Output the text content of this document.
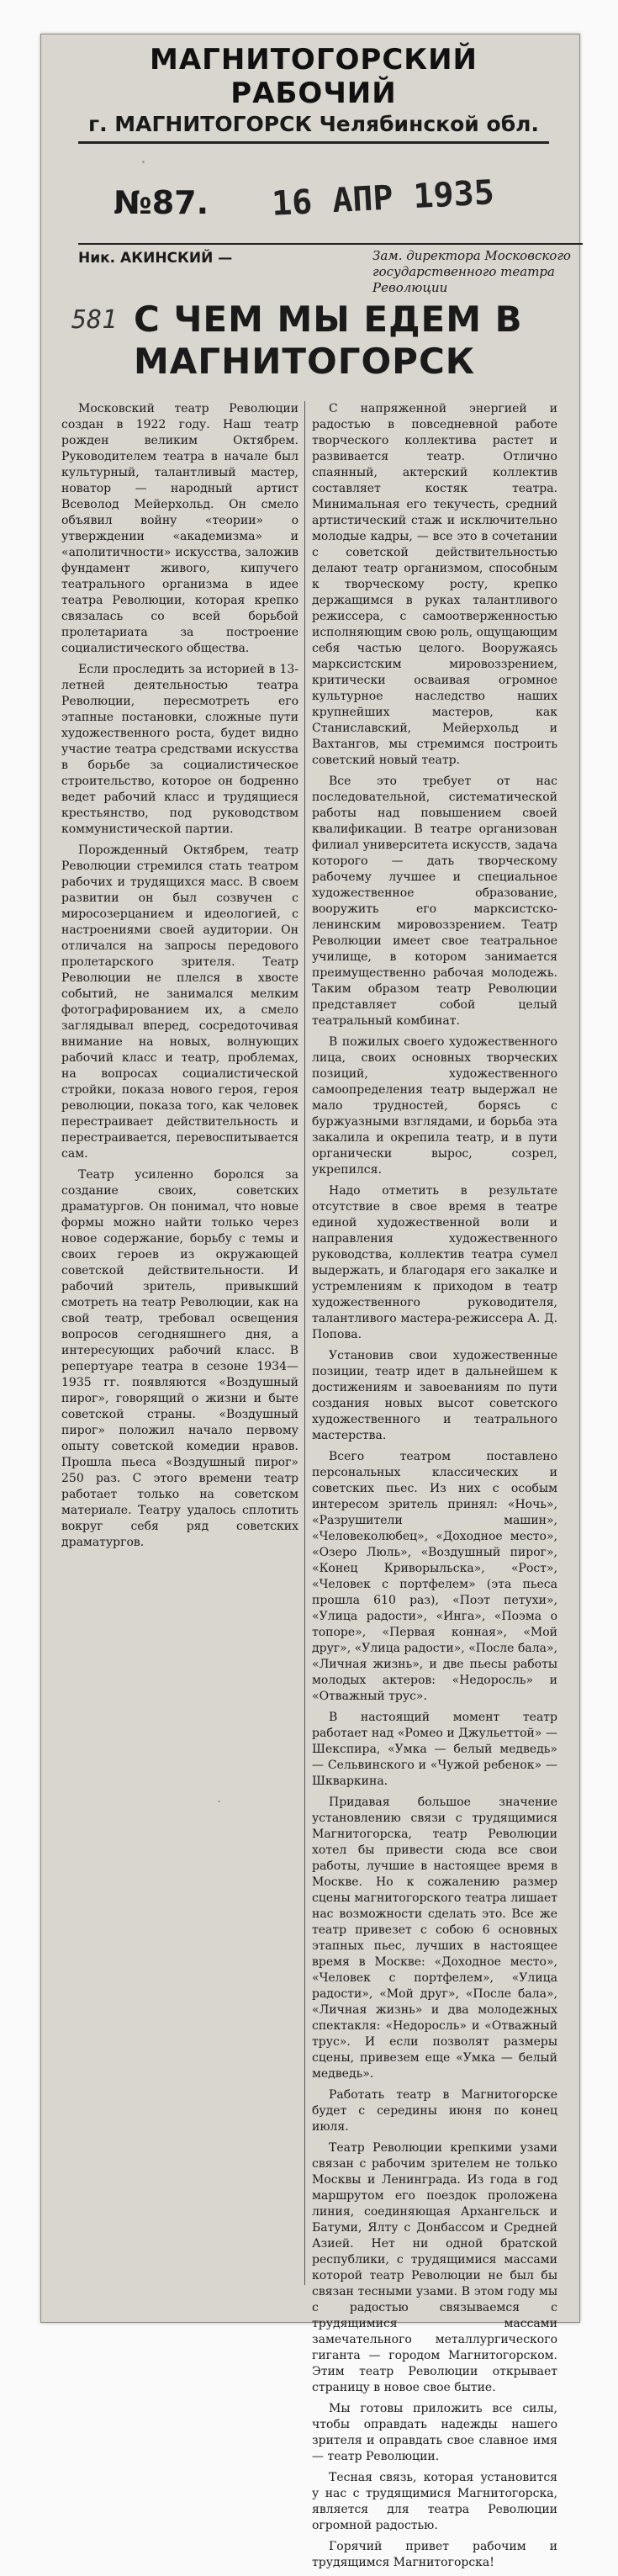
МАГНИТОГОРСКИЙ РАБОЧИЙ
г. МАГНИТОГОРСК Челябинской обл.
№87. 16 АПР 1935
Ник. АКИНСКИЙ —	Зам. директора Московского государственного театра Революции
581 С ЧЕМ МЫ ЕДЕМ В МАГНИТОГОРСК

Московский театр Революции создан в 1922 году. Наш театр рожден великим Октябрем. Руководителем театра в начале был культурный, талантливый мастер, новатор — народный артист Всеволод Мейерхольд. Он смело объявил войну «теории» о утверждении «академизма» и «аполитичности» искусства, заложив фундамент живого, кипучего театрального организма в идее театра Революции, которая крепко связалась со всей борьбой пролетариата за построение социалистического общества.

Если проследить за историей в 13-летней деятельностью театра Революции, пересмотреть его этапные постановки, сложные пути художественного роста, будет видно участие театра средствами искусства в борьбе за социалистическое строительство, которое он бодренно ведет рабочий класс и трудящиеся крестьянство, под руководством коммунистической партии.

Порожденный Октябрем, театр Революции стремился стать театром рабочих и трудящихся масс. В своем развитии он был созвучен с миросозерцанием и идеологией, с настроениями своей аудитории. Он отличался на запросы передового пролетарского зрителя. Театр Революции не плелся в хвосте событий, не занимался мелким фотографированием их, а смело заглядывал вперед, сосредоточивая внимание на новых, волнующих рабочий класс и театр, проблемах, на вопросах социалистической стройки, показа нового героя, героя революции, показа того, как человек перестраивает действительность и перестраивается, перевоспитывается сам.

Театр усиленно боролся за создание своих, советских драматургов. Он понимал, что новые формы можно найти только через новое содержание, борьбу с темы и своих героев из окружающей советской действительности. И рабочий зритель, привыкший смотреть на театр Революции, как на свой театр, требовал освещения вопросов сегодняшнего дня, а интересующих рабочий класс. В репертуаре театра в сезоне 1934—1935 гг. появляются «Воздушный пирог», говорящий о жизни и быте советской страны. «Воздушный пирог» положил начало первому опыту советской комедии нравов. Прошла пьеса «Воздушный пирог» 250 раз. С этого времени театр работает только на советском материале. Театру удалось сплотить вокруг себя ряд советских драматургов.

С напряженной энергией и радостью в повседневной работе творческого коллектива растет и развивается театр. Отлично спаянный, актерский коллектив составляет костяк театра. Минимальная его текучесть, средний артистический стаж и исключительно молодые кадры, — все это в сочетании с советской действительностью делают театр организмом, способным к творческому росту, крепко держащимся в руках талантливого режиссера, с самоотверженностью исполняющим свою роль, ощущающим себя частью целого. Вооружаясь марксистским мировоззрением, критически осваивая огромное культурное наследство наших крупнейших мастеров, как Станиславский, Мейерхольд и Вахтангов, мы стремимся построить советский новый театр.

Все это требует от нас последовательной, систематической работы над повышением своей квалификации. В театре организован филиал университета искусств, задача которого — дать творческому рабочему лучшее и специальное художественное образование, вооружить его марксистско-ленинским мировоззрением. Театр Революции имеет свое театральное училище, в котором занимается преимущественно рабочая молодежь. Таким образом театр Революции представляет собой целый театральный комбинат.

В пожилых своего художественного лица, своих основных творческих позиций, художественного самоопределения театр выдержал не мало трудностей, борясь с буржуазными взглядами, и борьба эта закалила и окрепила театр, и в пути органически вырос, созрел, укрепился.

Надо отметить в результате отсутствие в свое время в театре единой художественной воли и направления художественного руководства, коллектив театра сумел выдержать, и благодаря его закалке и устремлениям к приходом в театр художественного руководителя, талантливого мастера-режиссера А. Д. Попова.

Установив свои художественные позиции, театр идет в дальнейшем к достижениям и завоеваниям по пути создания новых высот советского художественного и театрального мастерства.

Всего театром поставлено персональных классических и советских пьес. Из них с особым интересом зритель принял: «Ночь», «Разрушители машин», «Человеколюбец», «Доходное место», «Озеро Люль», «Воздушный пирог», «Конец Криворыльска», «Рост», «Человек с портфелем» (эта пьеса прошла 610 раз), «Поэт петухи», «Улица радости», «Инга», «Поэма о топоре», «Первая конная», «Мой друг», «Улица радости», «После бала», «Личная жизнь», и две пьесы работы молодых актеров: «Недоросль» и «Отважный трус».

В настоящий момент театр работает над «Ромео и Джульеттой» — Шекспира, «Умка — белый медведь» — Сельвинского и «Чужой ребенок» — Шкваркина.

Придавая большое значение установлению связи с трудящимися Магнитогорска, театр Революции хотел бы привести сюда все свои работы, лучшие в настоящее время в Москве. Но к сожалению размер сцены магнитогорского театра лишает нас возможности сделать это. Все же театр привезет с собою 6 основных этапных пьес, лучших в настоящее время в Москве: «Доходное место», «Человек с портфелем», «Улица радости», «Мой друг», «После бала», «Личная жизнь» и два молодежных спектакля: «Недоросль» и «Отважный трус». И если позволят размеры сцены, привезем еще «Умка — белый медведь».

Работать театр в Магнитогорске будет с середины июня по конец июля.

Театр Революции крепкими узами связан с рабочим зрителем не только Москвы и Ленинграда. Из года в год маршрутом его поездок проложена линия, соединяющая Архангельск и Батуми, Ялту с Донбассом и Средней Азией. Нет ни одной братской республики, с трудящимися массами которой театр Революции не был бы связан тесными узами. В этом году мы с радостью связываемся с трудящимися массами замечательного металлургического гиганта — городом Магнитогорском. Этим театр Революции открывает страницу в новое свое бытие.

Мы готовы приложить все силы, чтобы оправдать надежды нашего зрителя и оправдать свое славное имя — театр Революции.

Тесная связь, которая установится у нас с трудящимися Магнитогорска, является для театра Революции огромной радостью.

Горячий привет рабочим и трудящимся Магнитогорска!
